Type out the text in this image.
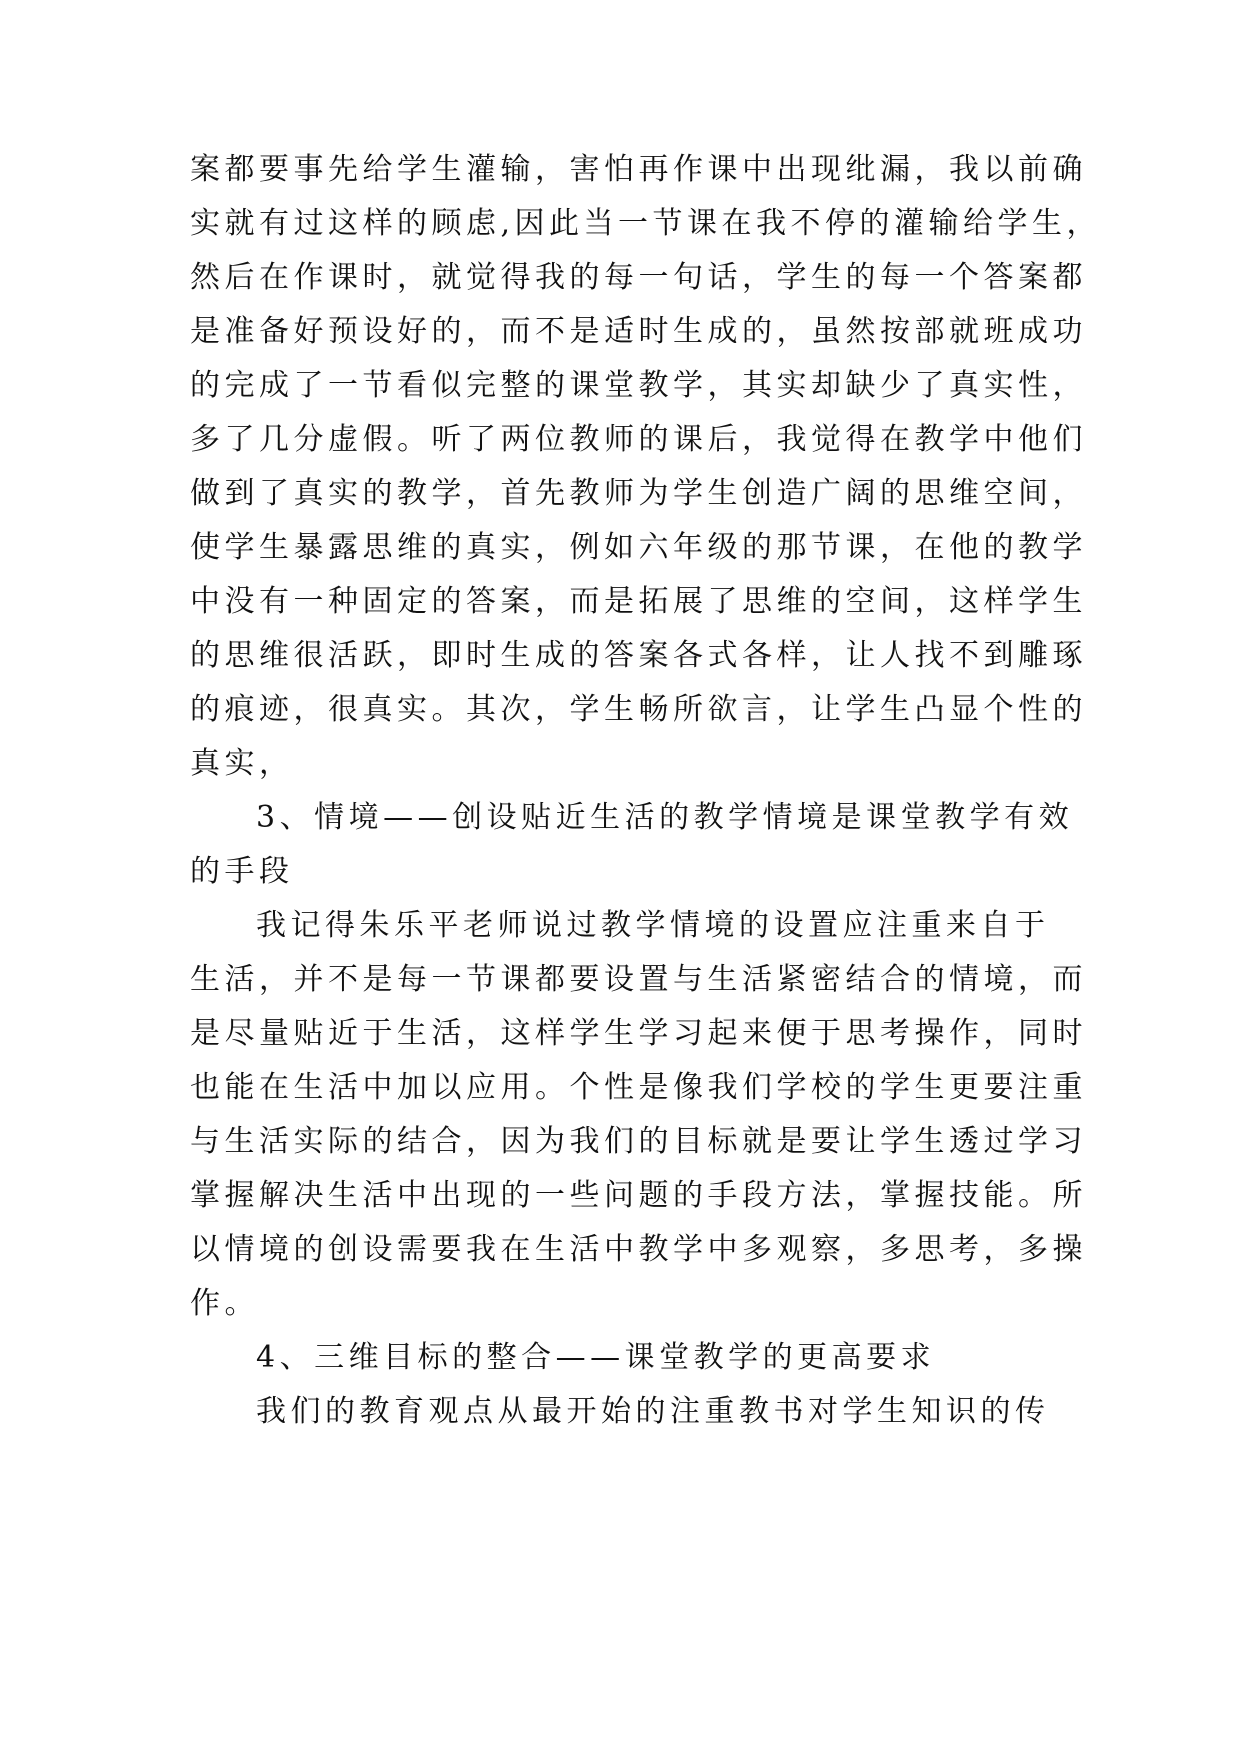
案都要事先给学生灌输，害怕再作课中出现纰漏，我以前确
实就有过这样的顾虑,因此当一节课在我不停的灌输给学生，
然后在作课时，就觉得我的每一句话，学生的每一个答案都
是准备好预设好的，而不是适时生成的，虽然按部就班成功
的完成了一节看似完整的课堂教学，其实却缺少了真实性，
多了几分虚假。听了两位教师的课后，我觉得在教学中他们
做到了真实的教学，首先教师为学生创造广阔的思维空间，
使学生暴露思维的真实，例如六年级的那节课，在他的教学
中没有一种固定的答案，而是拓展了思维的空间，这样学生
的思维很活跃，即时生成的答案各式各样，让人找不到雕琢
的痕迹，很真实。其次，学生畅所欲言，让学生凸显个性的
真实，
3、情境——创设贴近生活的教学情境是课堂教学有效
的手段
我记得朱乐平老师说过教学情境的设置应注重来自于
生活，并不是每一节课都要设置与生活紧密结合的情境，而
是尽量贴近于生活，这样学生学习起来便于思考操作，同时
也能在生活中加以应用。个性是像我们学校的学生更要注重
与生活实际的结合，因为我们的目标就是要让学生透过学习
掌握解决生活中出现的一些问题的手段方法，掌握技能。所
以情境的创设需要我在生活中教学中多观察，多思考，多操
作。
4、三维目标的整合——课堂教学的更高要求
我们的教育观点从最开始的注重教书对学生知识的传
